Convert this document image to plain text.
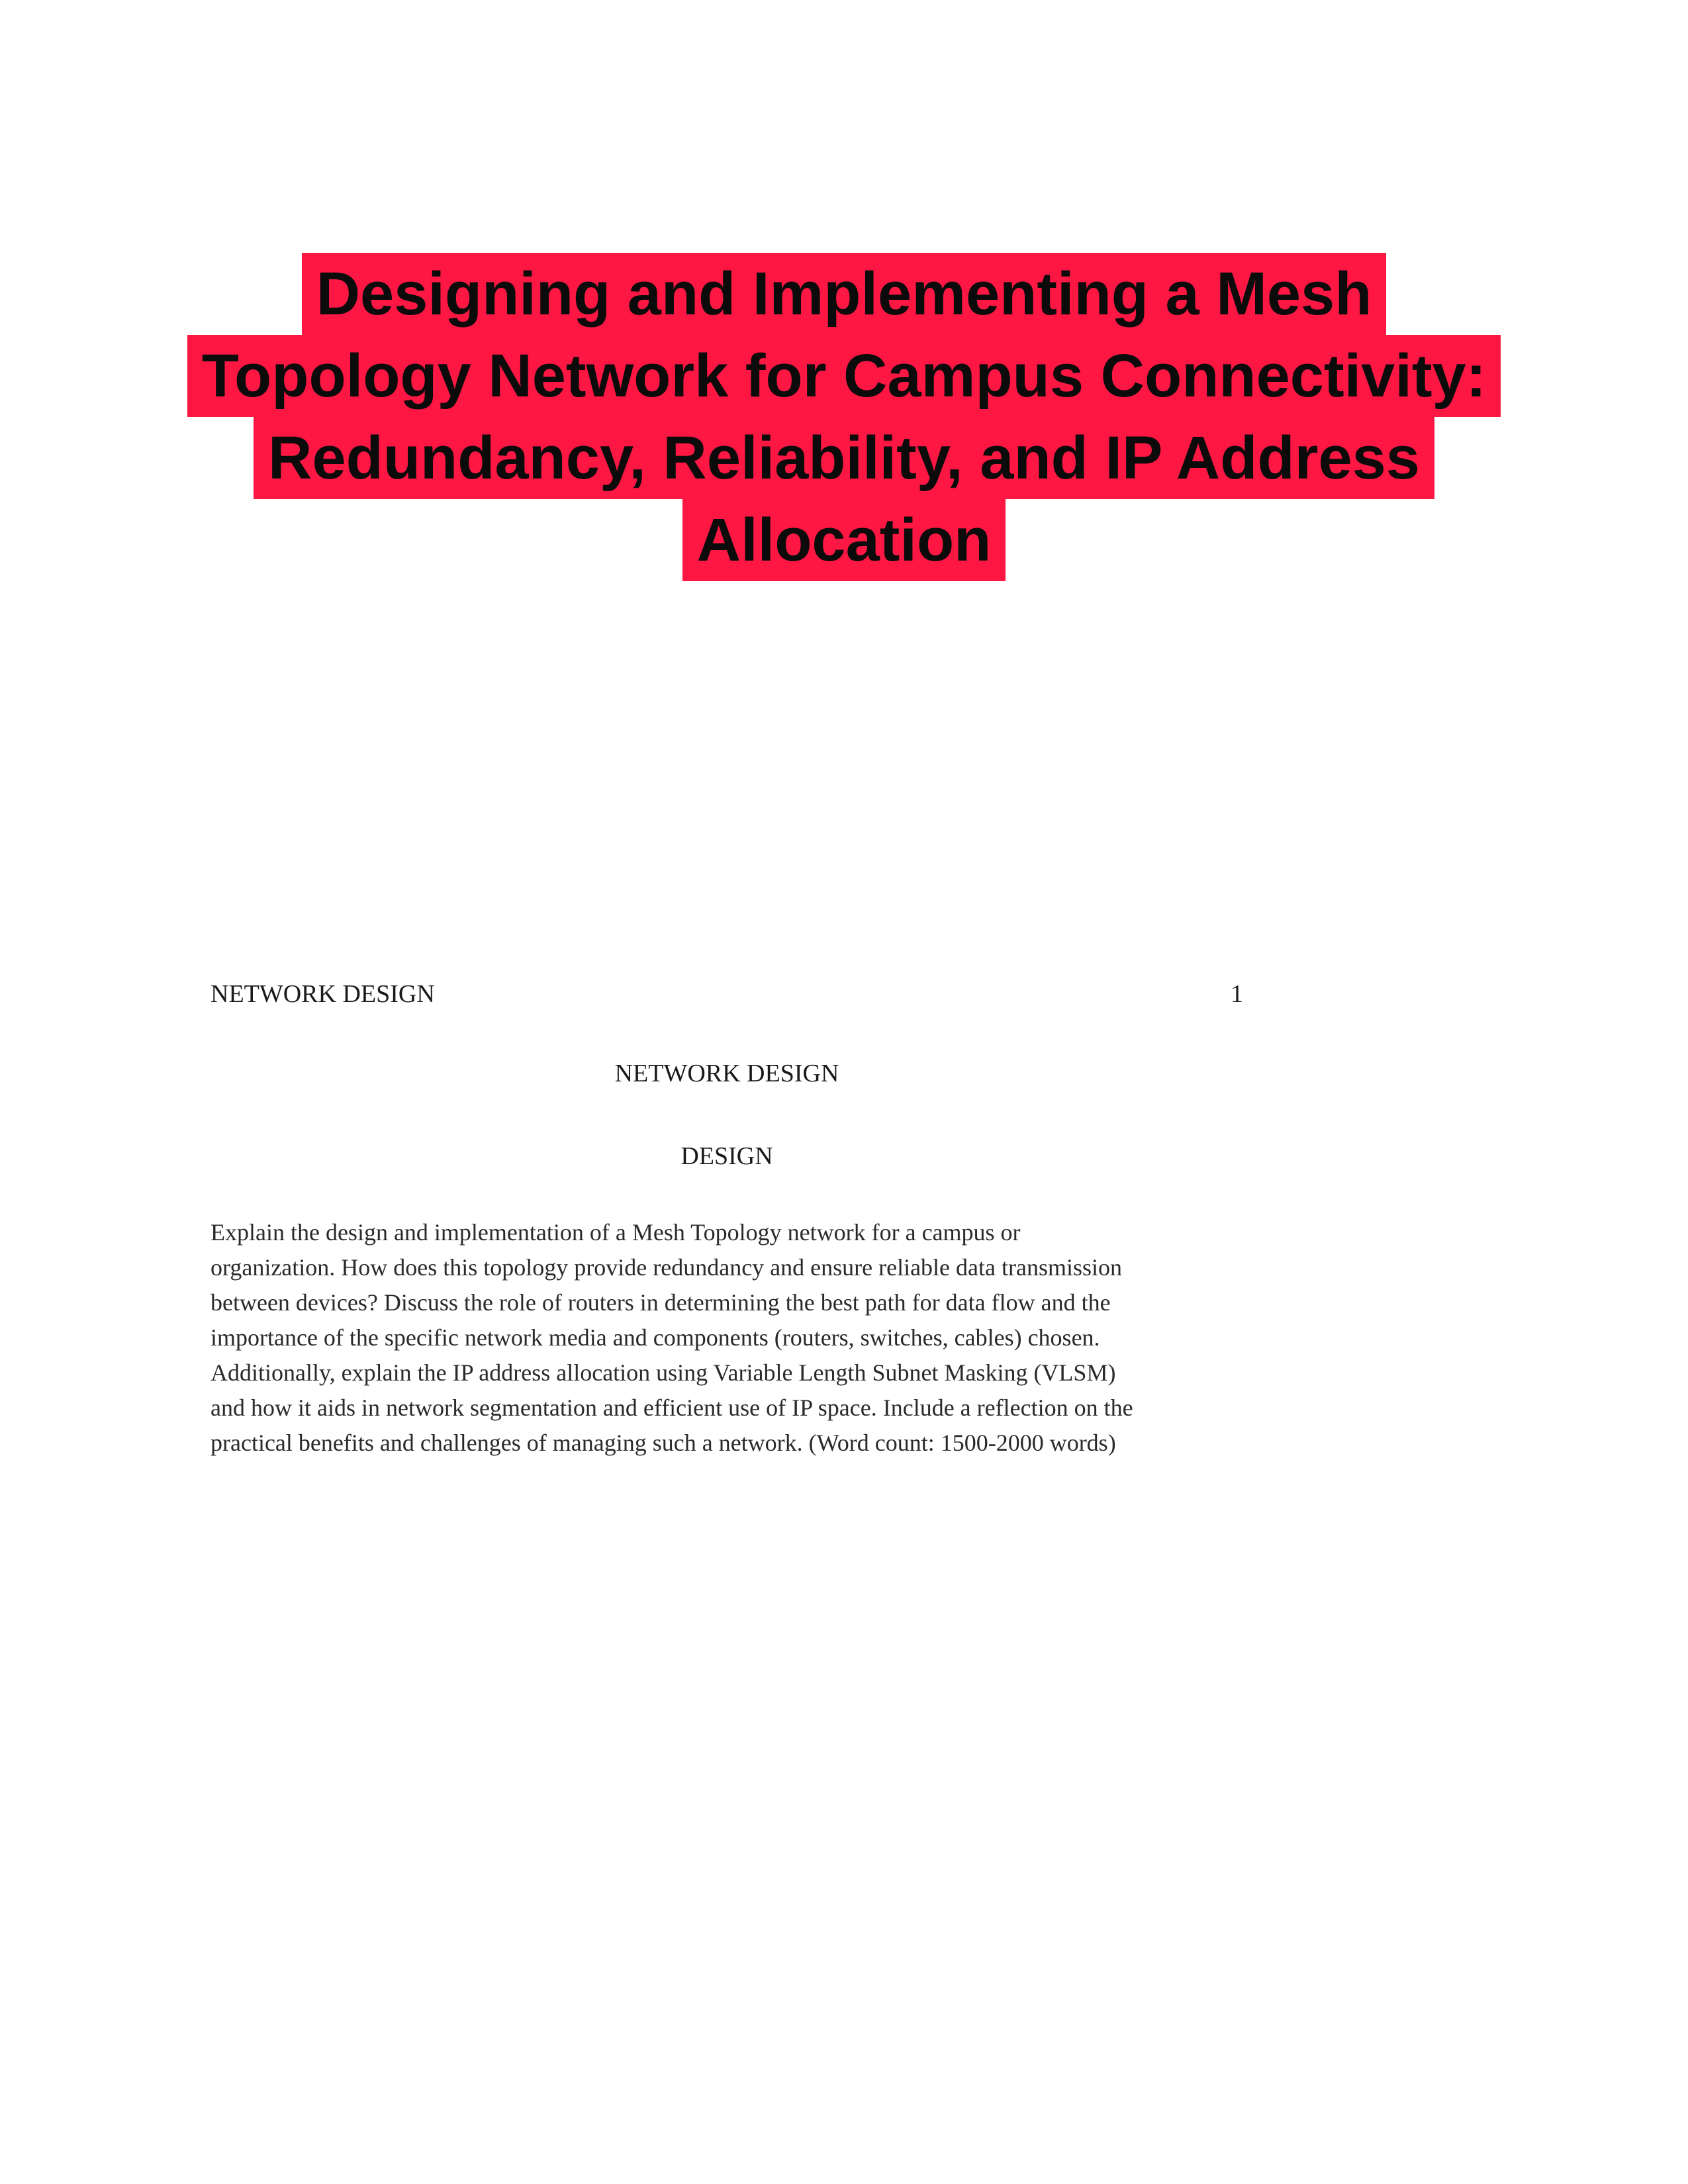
Designing and Implementing a Mesh
Topology Network for Campus Connectivity:
Redundancy, Reliability, and IP Address
Allocation
NETWORK DESIGN	1
NETWORK DESIGN
DESIGN
Explain the design and implementation of a Mesh Topology network for a campus or
organization. How does this topology provide redundancy and ensure reliable data transmission
between devices? Discuss the role of routers in determining the best path for data flow and the
importance of the specific network media and components (routers, switches, cables) chosen.
Additionally, explain the IP address allocation using Variable Length Subnet Masking (VLSM)
and how it aids in network segmentation and efficient use of IP space. Include a reflection on the
practical benefits and challenges of managing such a network. (Word count: 1500-2000 words)
